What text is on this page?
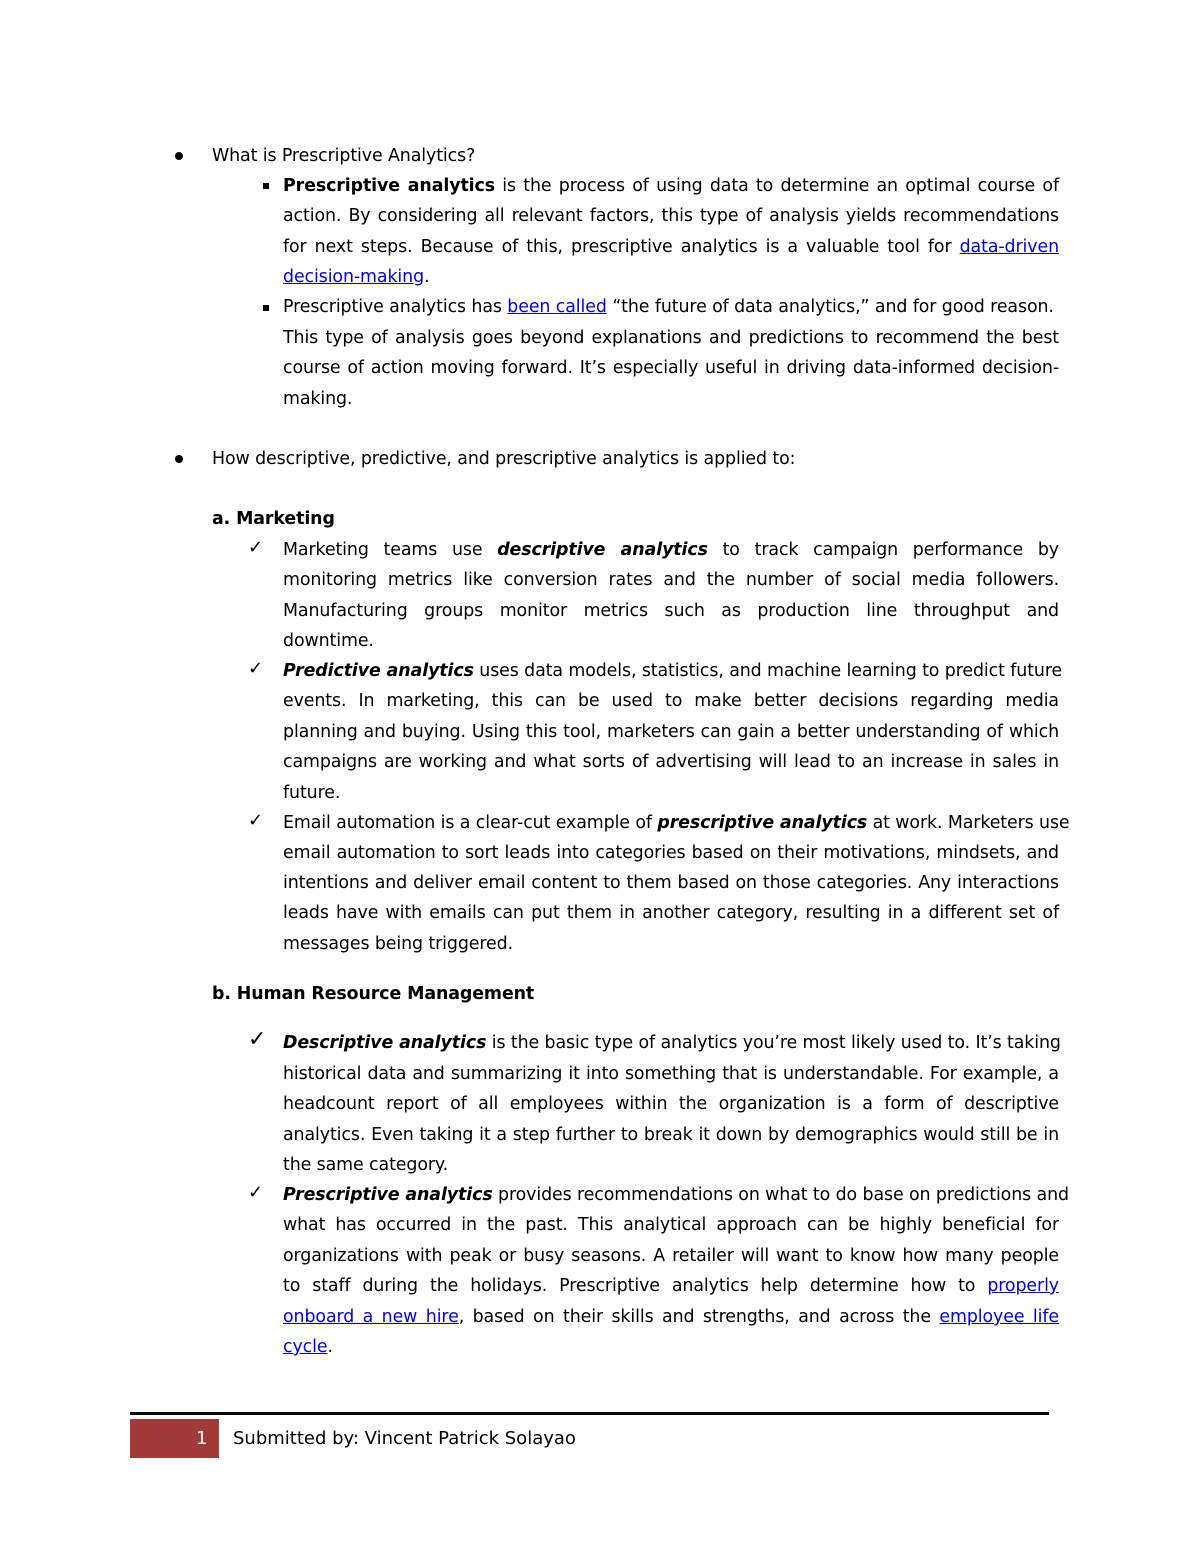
What is Prescriptive Analytics?
Prescriptive analytics is the process of using data to determine an optimal course of
action. By considering all relevant factors, this type of analysis yields recommendations
for next steps. Because of this, prescriptive analytics is a valuable tool for data-driven
decision-making.
Prescriptive analytics has been called “the future of data analytics,” and for good reason.
This type of analysis goes beyond explanations and predictions to recommend the best
course of action moving forward. It’s especially useful in driving data-informed decision-
making.
How descriptive, predictive, and prescriptive analytics is applied to:
a. Marketing
✓ Marketing teams use descriptive analytics to track campaign performance by
monitoring metrics like conversion rates and the number of social media followers.
Manufacturing groups monitor metrics such as production line throughput and
downtime.
✓ Predictive analytics uses data models, statistics, and machine learning to predict future
events. In marketing, this can be used to make better decisions regarding media
planning and buying. Using this tool, marketers can gain a better understanding of which
campaigns are working and what sorts of advertising will lead to an increase in sales in
future.
✓ Email automation is a clear-cut example of prescriptive analytics at work. Marketers use
email automation to sort leads into categories based on their motivations, mindsets, and
intentions and deliver email content to them based on those categories. Any interactions
leads have with emails can put them in another category, resulting in a different set of
messages being triggered.
b. Human Resource Management
✓ Descriptive analytics is the basic type of analytics you’re most likely used to. It’s taking
historical data and summarizing it into something that is understandable. For example, a
headcount report of all employees within the organization is a form of descriptive
analytics. Even taking it a step further to break it down by demographics would still be in
the same category.
✓ Prescriptive analytics provides recommendations on what to do base on predictions and
what has occurred in the past. This analytical approach can be highly beneficial for
organizations with peak or busy seasons. A retailer will want to know how many people
to staff during the holidays. Prescriptive analytics help determine how to properly
onboard a new hire, based on their skills and strengths, and across the employee life
cycle.
1 Submitted by: Vincent Patrick Solayao
